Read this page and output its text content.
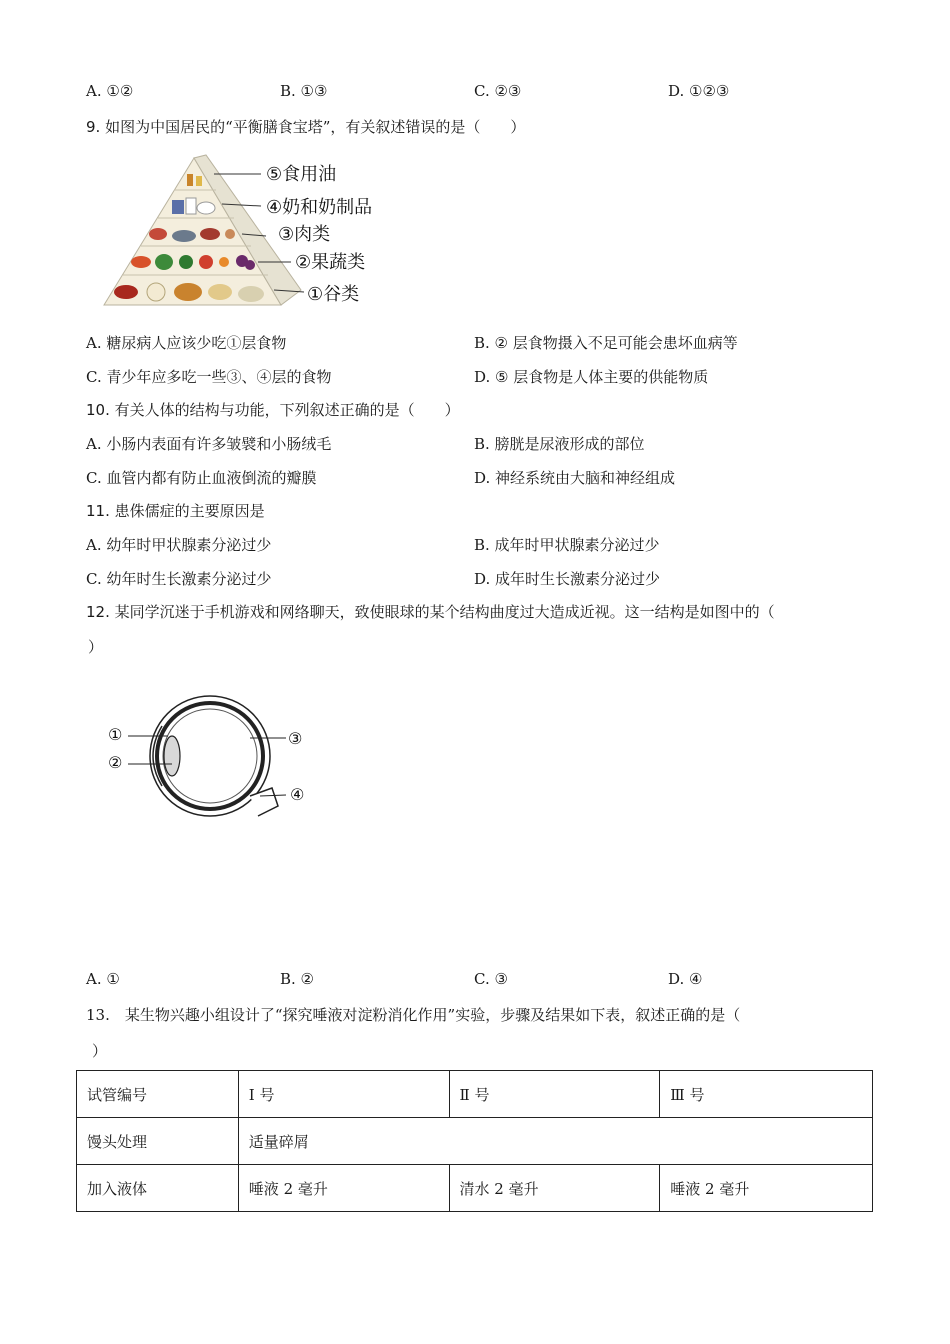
A. ①②	B. ①③	C. ②③	D. ①②③
9. 如图为中国居民的“平衡膳食宝塔”，有关叙述错误的是（　　）
⑤食用油
④奶和奶制品
③肉类
②果蔬类
①谷类
A. 糖尿病人应该少吃①层食物	B. ② 层食物摄入不足可能会患坏血病等
C. 青少年应多吃一些③、④层的食物	D. ⑤ 层食物是人体主要的供能物质
10. 有关人体的结构与功能，下列叙述正确的是（　　）
A. 小肠内表面有许多皱襞和小肠绒毛	B. 膀胱是尿液形成的部位
C. 血管内都有防止血液倒流的瓣膜	D. 神经系统由大脑和神经组成
11. 患侏儒症的主要原因是
A. 幼年时甲状腺素分泌过少	B. 成年时甲状腺素分泌过少
C. 幼年时生长激素分泌过少	D. 成年时生长激素分泌过少
12. 某同学沉迷于手机游戏和网络聊天，致使眼球的某个结构曲度过大造成近视。这一结构是如图中的（
）
①
②
③
④
A. ①	B. ②	C. ③	D. ④
13.　某生物兴趣小组设计了“探究唾液对淀粉消化作用”实验，步骤及结果如下表，叙述正确的是（
）
试管编号	Ⅰ 号	Ⅱ 号	Ⅲ 号
馒头处理	适量碎屑		
加入液体	唾液 2 毫升	清水 2 毫升	唾液 2 毫升
